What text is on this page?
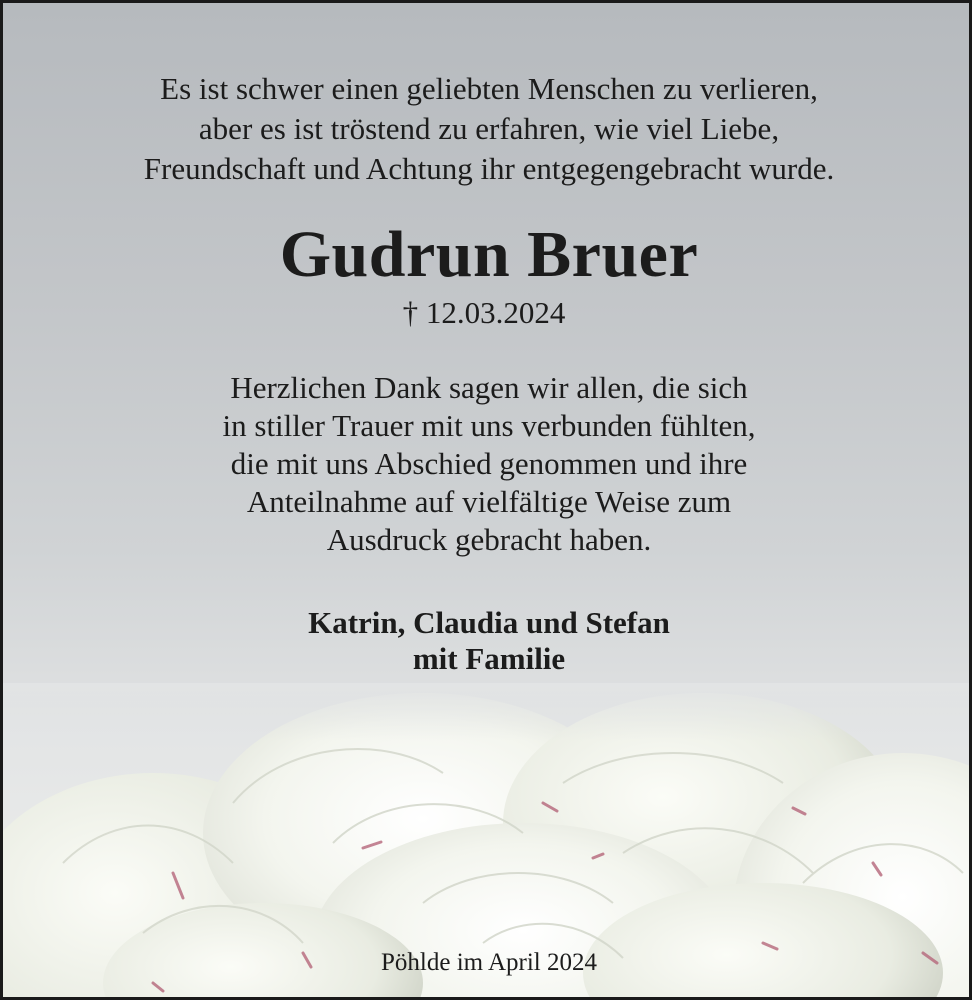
Es ist schwer einen geliebten Menschen zu verlieren,
aber es ist tröstend zu erfahren, wie viel Liebe,
Freundschaft und Achtung ihr entgegengebracht wurde.

Gudrun Bruer

† 12.03.2024

Herzlichen Dank sagen wir allen, die sich
in stiller Trauer mit uns verbunden fühlten,
die mit uns Abschied genommen und ihre
Anteilnahme auf vielfältige Weise zum
Ausdruck gebracht haben.

Katrin, Claudia und Stefan
mit Familie

Pöhlde im April 2024
